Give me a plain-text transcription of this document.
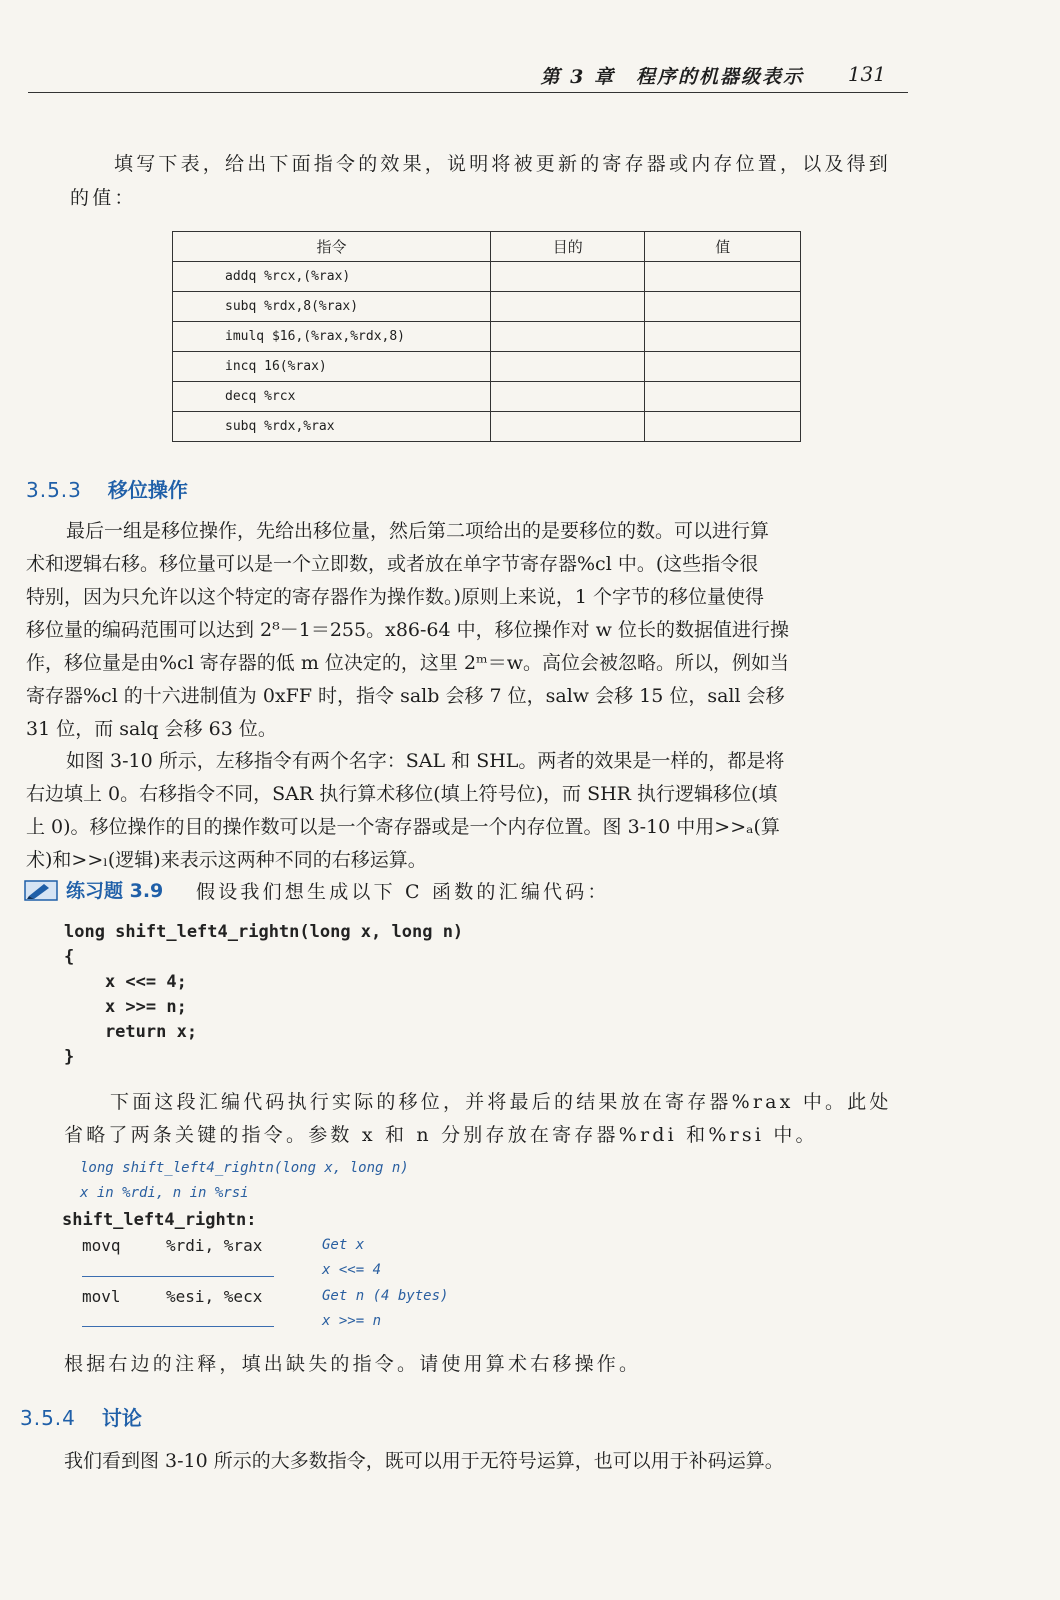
第 3 章　程序的机器级表示 131
填写下表，给出下面指令的效果，说明将被更新的寄存器或内存位置，以及得到
的值：
指令	目的	值
addq %rcx,(%rax)		
subq %rdx,8(%rax)		
imulq $16,(%rax,%rdx,8)		
incq 16(%rax)		
decq %rcx		
subq %rdx,%rax		
3.5.3 移位操作
最后一组是移位操作，先给出移位量，然后第二项给出的是要移位的数。可以进行算
术和逻辑右移。移位量可以是一个立即数，或者放在单字节寄存器%cl 中。(这些指令很
特别，因为只允许以这个特定的寄存器作为操作数。)原则上来说，1 个字节的移位量使得
移位量的编码范围可以达到 2⁸－1＝255。x86-64 中，移位操作对 w 位长的数据值进行操
作，移位量是由%cl 寄存器的低 m 位决定的，这里 2ᵐ＝w。高位会被忽略。所以，例如当
寄存器%cl 的十六进制值为 0xFF 时，指令 salb 会移 7 位，salw 会移 15 位，sall 会移
31 位，而 salq 会移 63 位。
如图 3-10 所示，左移指令有两个名字：SAL 和 SHL。两者的效果是一样的，都是将
右边填上 0。右移指令不同，SAR 执行算术移位(填上符号位)，而 SHR 执行逻辑移位(填
上 0)。移位操作的目的操作数可以是一个寄存器或是一个内存位置。图 3-10 中用>>ₐ(算
术)和>>ₗ(逻辑)来表示这两种不同的右移运算。
练习题 3.9 假设我们想生成以下 C 函数的汇编代码：
long shift_left4_rightn(long x, long n)
{
x <<= 4;
x >>= n;
return x;
}
下面这段汇编代码执行实际的移位，并将最后的结果放在寄存器%rax 中。此处
省略了两条关键的指令。参数 x 和 n 分别存放在寄存器%rdi 和%rsi 中。
long shift_left4_rightn(long x, long n)
x in %rdi, n in %rsi
shift_left4_rightn:
movq	%rdi, %rax	Get x
x <<= 4
movl	%esi, %ecx	Get n (4 bytes)
x >>= n
根据右边的注释，填出缺失的指令。请使用算术右移操作。
3.5.4 讨论
我们看到图 3-10 所示的大多数指令，既可以用于无符号运算，也可以用于补码运算。
